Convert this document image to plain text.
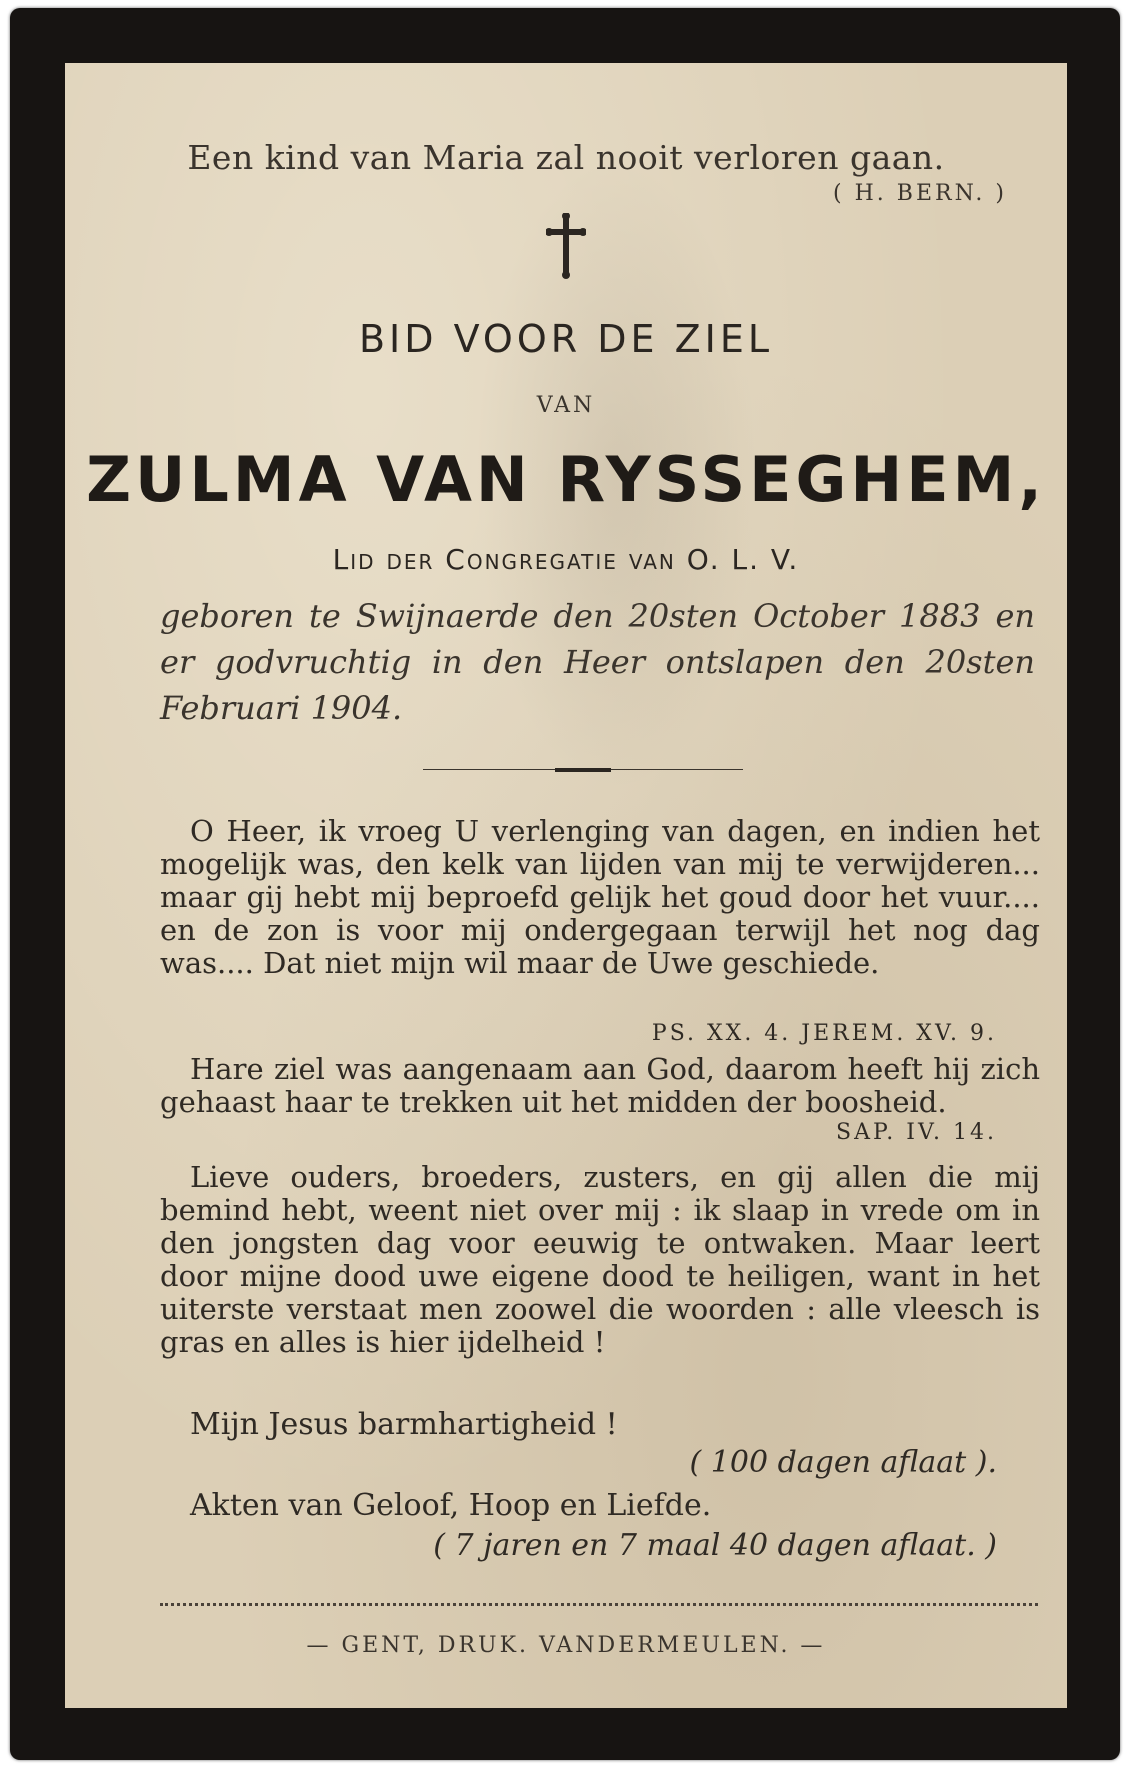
Een kind van Maria zal nooit verloren gaan.

( H. BERN. )

BID VOOR DE ZIEL

VAN

ZULMA VAN RYSSEGHEM,

Lid der Congregatie van O. L. V.

geboren te Swijnaerde den 20sten October 1883 en er godvruchtig in den Heer ontslapen den 20sten Februari 1904.

O Heer, ik vroeg U verlenging van dagen, en indien het mogelijk was, den kelk van lijden van mij te verwijderen... maar gij hebt mij beproefd gelijk het goud door het vuur.... en de zon is voor mij ondergegaan terwijl het nog dag was.... Dat niet mijn wil maar de Uwe geschiede.

PS. XX. 4. JEREM. XV. 9.

Hare ziel was aangenaam aan God, daarom heeft hij zich gehaast haar te trekken uit het midden der boosheid.

SAP. IV. 14.

Lieve ouders, broeders, zusters, en gij allen die mij bemind hebt, weent niet over mij : ik slaap in vrede om in den jongsten dag voor eeuwig te ontwaken. Maar leert door mijne dood uwe eigene dood te heiligen, want in het uiterste verstaat men zoowel die woorden : alle vleesch is gras en alles is hier ijdelheid !

Mijn Jesus barmhartigheid !

( 100 dagen aflaat ).

Akten van Geloof, Hoop en Liefde.

( 7 jaren en 7 maal 40 dagen aflaat. )

— GENT, DRUK. VANDERMEULEN. —
